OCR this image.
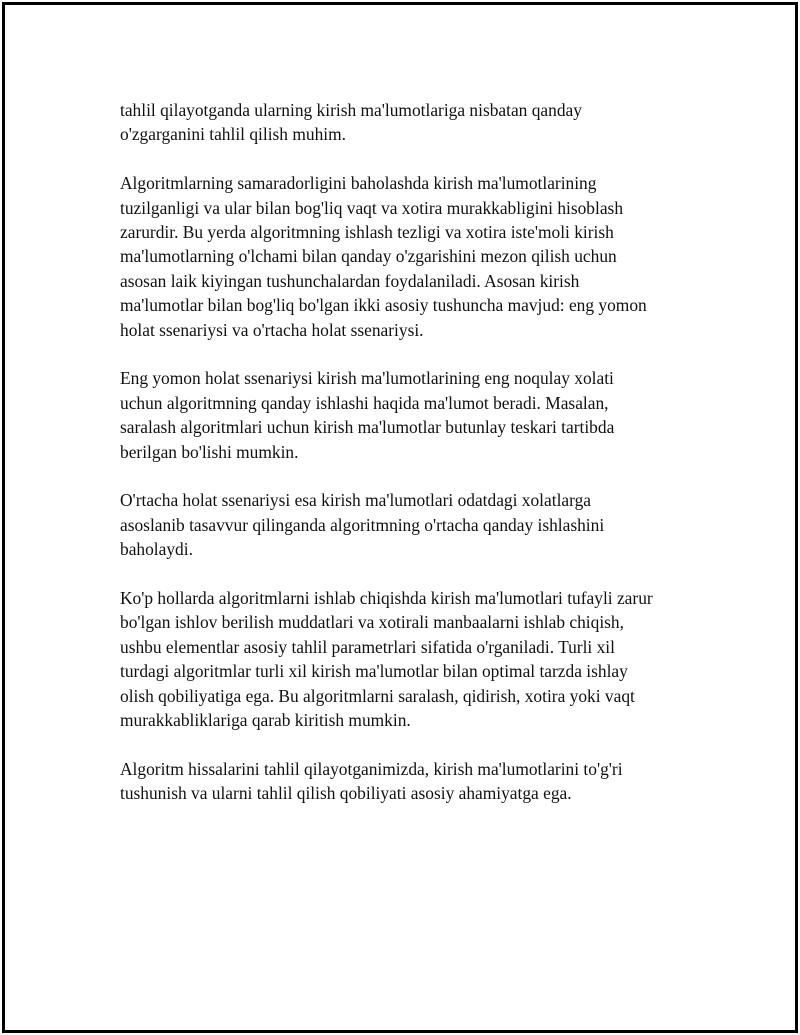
tahlil qilayotganda ularning kirish ma'lumotlariga nisbatan qanday
o'zgarganini tahlil qilish muhim.

Algoritmlarning samaradorligini baholashda kirish ma'lumotlarining
tuzilganligi va ular bilan bog'liq vaqt va xotira murakkabligini hisoblash
zarurdir. Bu yerda algoritmning ishlash tezligi va xotira iste'moli kirish
ma'lumotlarning o'lchami bilan qanday o'zgarishini mezon qilish uchun
asosan laik kiyingan tushunchalardan foydalaniladi. Asosan kirish
ma'lumotlar bilan bog'liq bo'lgan ikki asosiy tushuncha mavjud: eng yomon
holat ssenariysi va o'rtacha holat ssenariysi.

Eng yomon holat ssenariysi kirish ma'lumotlarining eng noqulay xolati
uchun algoritmning qanday ishlashi haqida ma'lumot beradi. Masalan,
saralash algoritmlari uchun kirish ma'lumotlar butunlay teskari tartibda
berilgan bo'lishi mumkin.

O'rtacha holat ssenariysi esa kirish ma'lumotlari odatdagi xolatlarga
asoslanib tasavvur qilinganda algoritmning o'rtacha qanday ishlashini
baholaydi.

Ko'p hollarda algoritmlarni ishlab chiqishda kirish ma'lumotlari tufayli zarur
bo'lgan ishlov berilish muddatlari va xotirali manbaalarni ishlab chiqish,
ushbu elementlar asosiy tahlil parametrlari sifatida o'rganiladi. Turli xil
turdagi algoritmlar turli xil kirish ma'lumotlar bilan optimal tarzda ishlay
olish qobiliyatiga ega. Bu algoritmlarni saralash, qidirish, xotira yoki vaqt
murakkabliklariga qarab kiritish mumkin.

Algoritm hissalarini tahlil qilayotganimizda, kirish ma'lumotlarini to'g'ri
tushunish va ularni tahlil qilish qobiliyati asosiy ahamiyatga ega.
